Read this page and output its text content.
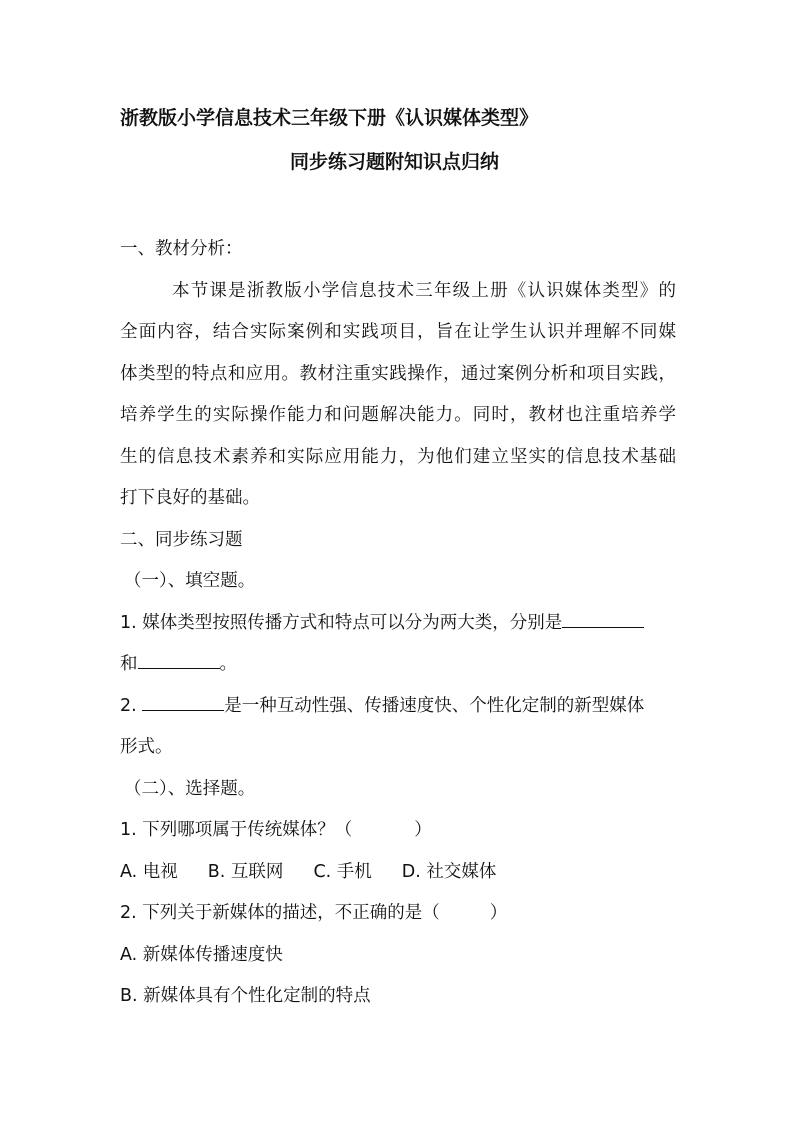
浙教版小学信息技术三年级下册《认识媒体类型》
同步练习题附知识点归纳
一、教材分析：
本节课是浙教版小学信息技术三年级上册《认识媒体类型》的
全面内容，结合实际案例和实践项目，旨在让学生认识并理解不同媒
体类型的特点和应用。教材注重实践操作，通过案例分析和项目实践，
培养学生的实际操作能力和问题解决能力。同时，教材也注重培养学
生的信息技术素养和实际应用能力，为他们建立坚实的信息技术基础
打下良好的基础。
二、同步练习题
（一）、填空题。
1. 媒体类型按照传播方式和特点可以分为两大类，分别是
和	。
2.	是一种互动性强、传播速度快、个性化定制的新型媒体
形式。
（二）、选择题。
1. 下列哪项属于传统媒体？（	）
A. 电视 B. 互联网 C. 手机 D. 社交媒体
2. 下列关于新媒体的描述，不正确的是（	）
A. 新媒体传播速度快
B. 新媒体具有个性化定制的特点
